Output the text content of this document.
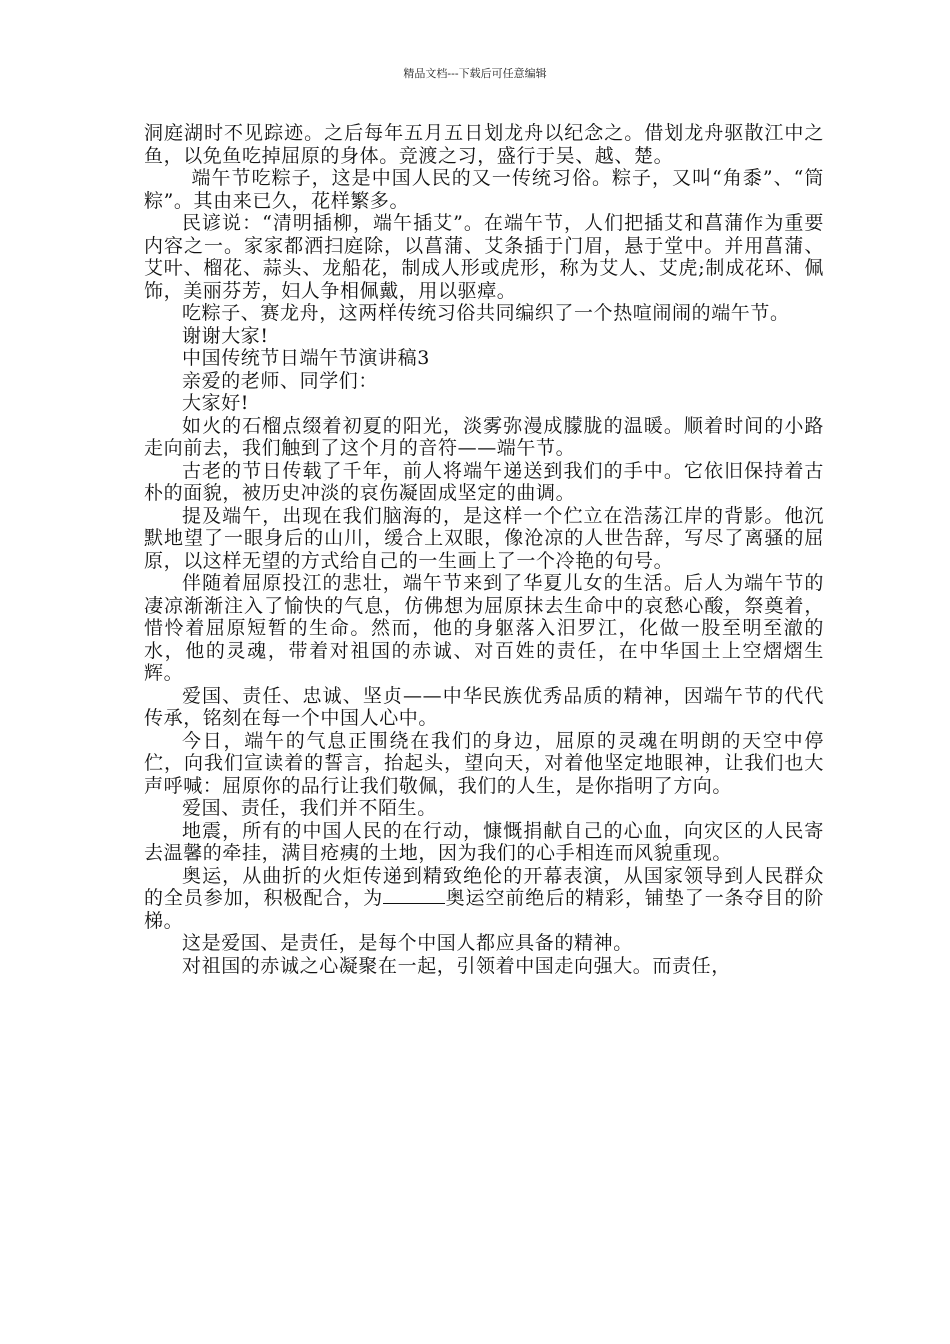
精品文档---下载后可任意编辑

洞庭湖时不见踪迹。之后每年五月五日划龙舟以纪念之。借划龙舟驱散江中之鱼，以免鱼吃掉屈原的身体。竞渡之习，盛行于吴、越、楚。

端午节吃粽子，这是中国人民的又一传统习俗。粽子，又叫“角黍”、“筒粽”。其由来已久，花样繁多。

民谚说：“清明插柳，端午插艾”。在端午节，人们把插艾和菖蒲作为重要内容之一。家家都洒扫庭除，以菖蒲、艾条插于门眉，悬于堂中。并用菖蒲、艾叶、榴花、蒜头、龙船花，制成人形或虎形，称为艾人、艾虎;制成花环、佩饰，美丽芬芳，妇人争相佩戴，用以驱瘴。

吃粽子、赛龙舟，这两样传统习俗共同编织了一个热喧闹闹的端午节。

谢谢大家!

中国传统节日端午节演讲稿3

亲爱的老师、同学们：

大家好!

如火的石榴点缀着初夏的阳光，淡雾弥漫成朦胧的温暖。顺着时间的小路走向前去，我们触到了这个月的音符——端午节。

古老的节日传载了千年，前人将端午递送到我们的手中。它依旧保持着古朴的面貌，被历史冲淡的哀伤凝固成坚定的曲调。

提及端午，出现在我们脑海的，是这样一个伫立在浩荡江岸的背影。他沉默地望了一眼身后的山川，缓合上双眼，像沧凉的人世告辞，写尽了离骚的屈原，以这样无望的方式给自己的一生画上了一个冷艳的句号。

伴随着屈原投江的悲壮，端午节来到了华夏儿女的生活。后人为端午节的凄凉渐渐注入了愉快的气息，仿佛想为屈原抹去生命中的哀愁心酸，祭奠着，惜怜着屈原短暂的生命。然而，他的身躯落入汨罗江，化做一股至明至澈的水，他的灵魂，带着对祖国的赤诚、对百姓的责任，在中华国土上空熠熠生辉。

爱国、责任、忠诚、坚贞——中华民族优秀品质的精神，因端午节的代代传承，铭刻在每一个中国人心中。

今日，端午的气息正围绕在我们的身边，屈原的灵魂在明朗的天空中停伫，向我们宣读着的誓言，抬起头，望向天，对着他坚定地眼神，让我们也大声呼喊：屈原你的品行让我们敬佩，我们的人生，是你指明了方向。

爱国、责任，我们并不陌生。

地震，所有的中国人民的在行动，慷慨捐献自己的心血，向灾区的人民寄去温馨的牵挂，满目疮痍的土地，因为我们的心手相连而风貌重现。

奥运，从曲折的火炬传递到精致绝伦的开幕表演，从国家领导到人民群众的全员参加，积极配合，为	奥运空前绝后的精彩，铺垫了一条夺目的阶梯。

这是爱国、是责任，是每个中国人都应具备的精神。

对祖国的赤诚之心凝聚在一起，引领着中国走向强大。而责任，
